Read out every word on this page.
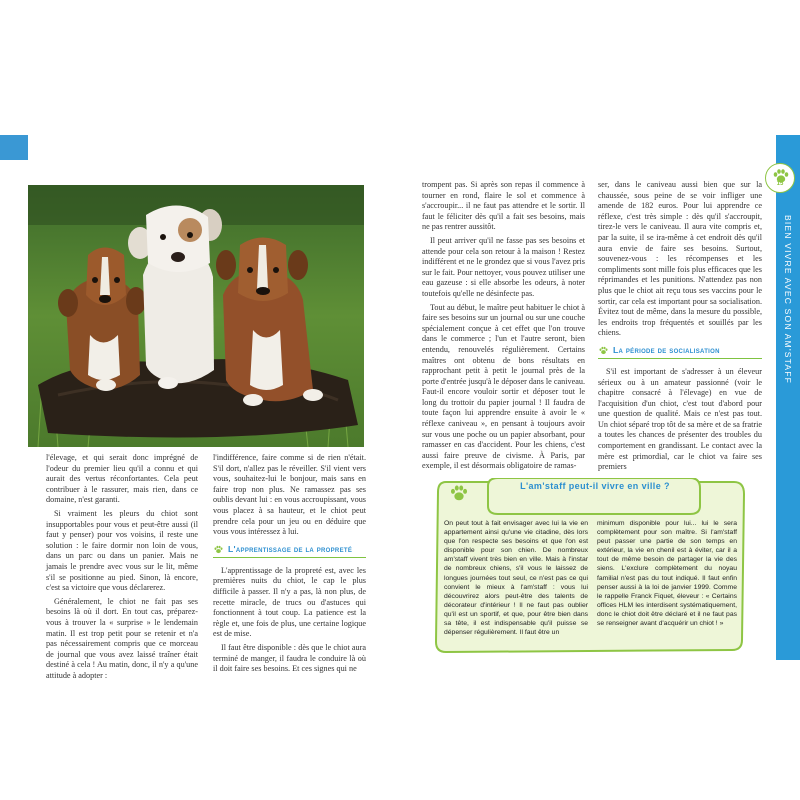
BIEN VIVRE AVEC SON AM'STAFF
15

l'élevage, et qui serait donc imprégné de l'odeur du premier lieu qu'il a connu et qui aurait des vertus réconfortantes. Cela peut contribuer à le rassurer, mais rien, dans ce domaine, n'est garanti.

Si vraiment les pleurs du chiot sont insupportables pour vous et peut-être aussi (il faut y penser) pour vos voisins, il reste une solution : le faire dormir non loin de vous, dans un parc ou dans un panier. Mais ne jamais le prendre avec vous sur le lit, même s'il se positionne au pied. Sinon, là encore, c'est sa victoire que vous déclarerez.

Généralement, le chiot ne fait pas ses besoins là où il dort. En tout cas, préparez-vous à trouver la « surprise » le lendemain matin. Il est trop petit pour se retenir et n'a pas nécessairement compris que ce morceau de journal que vous avez laissé traîner était destiné à cela ! Au matin, donc, il n'y a qu'une attitude à adopter :

l'indifférence, faire comme si de rien n'était. S'il dort, n'allez pas le réveiller. S'il vient vers vous, souhaitez-lui le bonjour, mais sans en faire trop non plus. Ne ramassez pas ses oublis devant lui : en vous accroupissant, vous vous placez à sa hauteur, et le chiot peut prendre cela pour un jeu ou en déduire que vous vous intéressez à lui.

L'apprentissage de la propreté

L'apprentissage de la propreté est, avec les premières nuits du chiot, le cap le plus difficile à passer. Il n'y a pas, là non plus, de recette miracle, de trucs ou d'astuces qui fonctionnent à tout coup. La patience est la règle et, une fois de plus, une certaine logique est de mise.

Il faut être disponible : dès que le chiot aura terminé de manger, il faudra le conduire là où il doit faire ses besoins. Et ces signes qui ne

trompent pas. Si après son repas il commence à tourner en rond, flaire le sol et commence à s'accroupir... il ne faut pas attendre et le sortir. Il faut le féliciter dès qu'il a fait ses besoins, mais ne pas rentrer aussitôt.

Il peut arriver qu'il ne fasse pas ses besoins et attende pour cela son retour à la maison ! Restez indifférent et ne le grondez que si vous l'avez pris sur le fait. Pour nettoyer, vous pouvez utiliser une eau gazeuse : si elle absorbe les odeurs, à noter toutefois qu'elle ne désinfecte pas.

Tout au début, le maître peut habituer le chiot à faire ses besoins sur un journal ou sur une couche spécialement conçue à cet effet que l'on trouve dans le commerce ; l'un et l'autre seront, bien entendu, renouvelés régulièrement. Certains maîtres ont obtenu de bons résultats en rapprochant petit à petit le journal près de la porte d'entrée jusqu'à le déposer dans le caniveau. Faut-il encore vouloir sortir et déposer tout le long du trottoir du papier journal ! Il faudra de toute façon lui apprendre ensuite à avoir le « réflexe caniveau », en pensant à toujours avoir sur vous une poche ou un papier absorbant, pour ramasser en cas d'accident. Pour les chiens, c'est aussi faire preuve de civisme. À Paris, par exemple, il est désormais obligatoire de ramas-

ser, dans le caniveau aussi bien que sur la chaussée, sous peine de se voir infliger une amende de 182 euros. Pour lui apprendre ce réflexe, c'est très simple : dès qu'il s'accroupit, tirez-le vers le caniveau. Il aura vite compris et, par la suite, il se ira-même à cet endroit dès qu'il aura envie de faire ses besoins. Surtout, souvenez-vous : les récompenses et les compliments sont mille fois plus efficaces que les réprimandes et les punitions. N'attendez pas non plus que le chiot ait reçu tous ses vaccins pour le sortir, car cela est important pour sa socialisation. Évitez tout de même, dans la mesure du possible, les endroits trop fréquentés et souillés par les chiens.

La période de socialisation

S'il est important de s'adresser à un éleveur sérieux ou à un amateur passionné (voir le chapitre consacré à l'élevage) en vue de l'acquisition d'un chiot, c'est tout d'abord pour une question de qualité. Mais ce n'est pas tout. Un chiot séparé trop tôt de sa mère et de sa fratrie a toutes les chances de présenter des troubles du comportement en grandissant. Le contact avec la mère est primordial, car le chiot va faire ses premiers

L'am'staff peut-il vivre en ville ?

On peut tout à fait envisager avec lui la vie en appartement ainsi qu'une vie citadine, dès lors que l'on respecte ses besoins et que l'on est disponible pour son chien. De nombreux am'staff vivent très bien en ville. Mais à l'instar de nombreux chiens, s'il vous le laissez de longues journées tout seul, ce n'est pas ce qui convient le mieux à l'am'staff : vous lui découvrirez alors peut-être des talents de décorateur d'intérieur ! Il ne faut pas oublier qu'il est un sportif, et que, pour être bien dans sa tête, il est indispensable qu'il puisse se dépenser régulièrement. Il faut être un

minimum disponible pour lui... lui le sera complètement pour son maître. Si l'am'staff peut passer une partie de son temps en extérieur, la vie en chenil est à éviter, car il a tout de même besoin de partager la vie des siens. L'exclure complètement du noyau familial n'est pas du tout indiqué. Il faut enfin penser aussi à la loi de janvier 1999. Comme le rappelle Franck Fiquet, éleveur : « Certains offices HLM les interdisent systématiquement, donc le chiot doit être déclaré et il ne faut pas se renseigner avant d'acquérir un chiot ! »
